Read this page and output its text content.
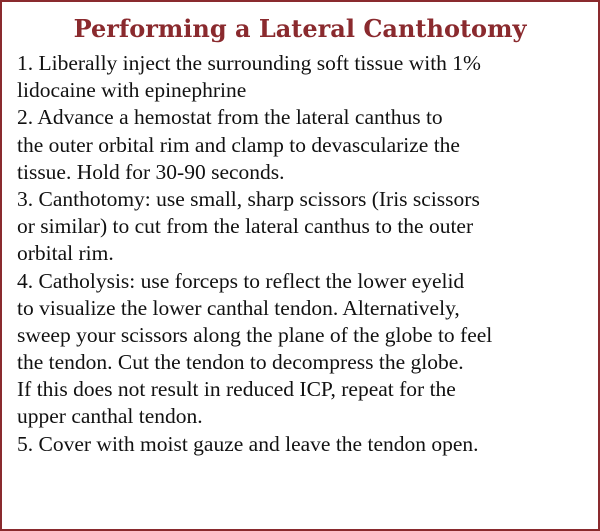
Performing a Lateral Canthotomy
1. Liberally inject the surrounding soft tissue with 1%
lidocaine with epinephrine
2. Advance a hemostat from the lateral canthus to
the outer orbital rim and clamp to devascularize the
tissue. Hold for 30-90 seconds.
3. Canthotomy: use small, sharp scissors (Iris scissors
or similar) to cut from the lateral canthus to the outer
orbital rim.
4. Catholysis: use forceps to reflect the lower eyelid
to visualize the lower canthal tendon. Alternatively,
sweep your scissors along the plane of the globe to feel
the tendon. Cut the tendon to decompress the globe.
If this does not result in reduced ICP, repeat for the
upper canthal tendon.
5. Cover with moist gauze and leave the tendon open.
